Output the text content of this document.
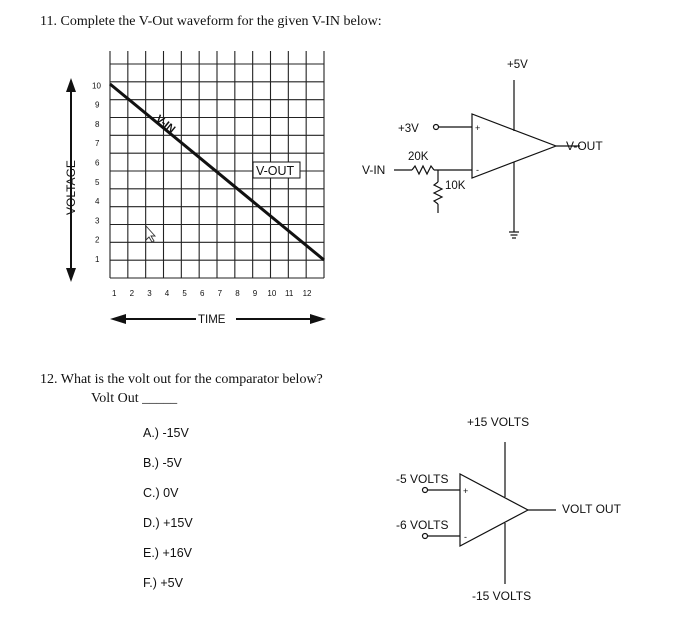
11. Complete the V-Out waveform for the given V-IN below:
1
2
3
4
5
6
7
8
9
10
1 2 3 4 5 6 7 8 9 10 11 12
VOLTAGE
TIME
V-IN
V-OUT
+5V
+3V
20K
10K
V-IN
V-OUT
+
-
+15 VOLTS
-15 VOLTS
-5 VOLTS
-6 VOLTS
VOLT OUT
+
-
12. What is the volt out for the comparator below?
Volt Out _____
A.) -15V
B.) -5V
C.) 0V
D.) +15V
E.) +16V
F.) +5V
